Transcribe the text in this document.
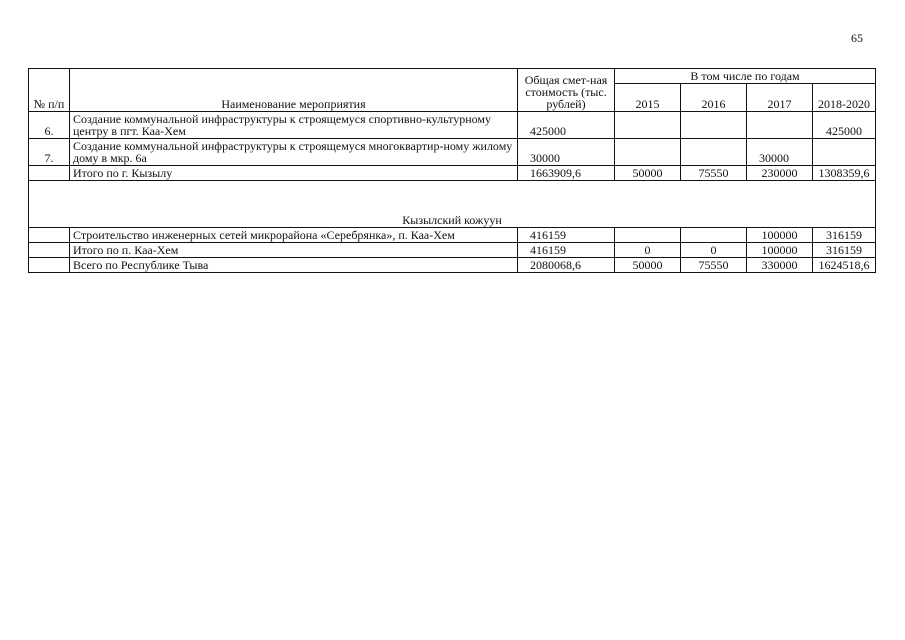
65
№ п/п	Наименование мероприятия	Общая смет-ная стоимость (тыс. рублей)	В том числе по годам			
			2015	2016	2017	2018-2020
6.	Создание коммунальной инфраструктуры к строящемуся спортивно-культурному центру в пгт. Каа-Хем	425000				425000
7.	Создание коммунальной инфраструктуры к строящемуся многоквартир-ному жилому дому в мкр. 6а	30000			30000	
	Итого по г. Кызылу	1663909,6	50000	75550	230000	1308359,6
Кызылский кожуун						
	Строительство инженерных сетей микрорайона «Серебрянка», п. Каа-Хем	416159			100000	316159
	Итого по п. Каа-Хем	416159	0	0	100000	316159
	Всего по Республике Тыва	2080068,6	50000	75550	330000	1624518,6
